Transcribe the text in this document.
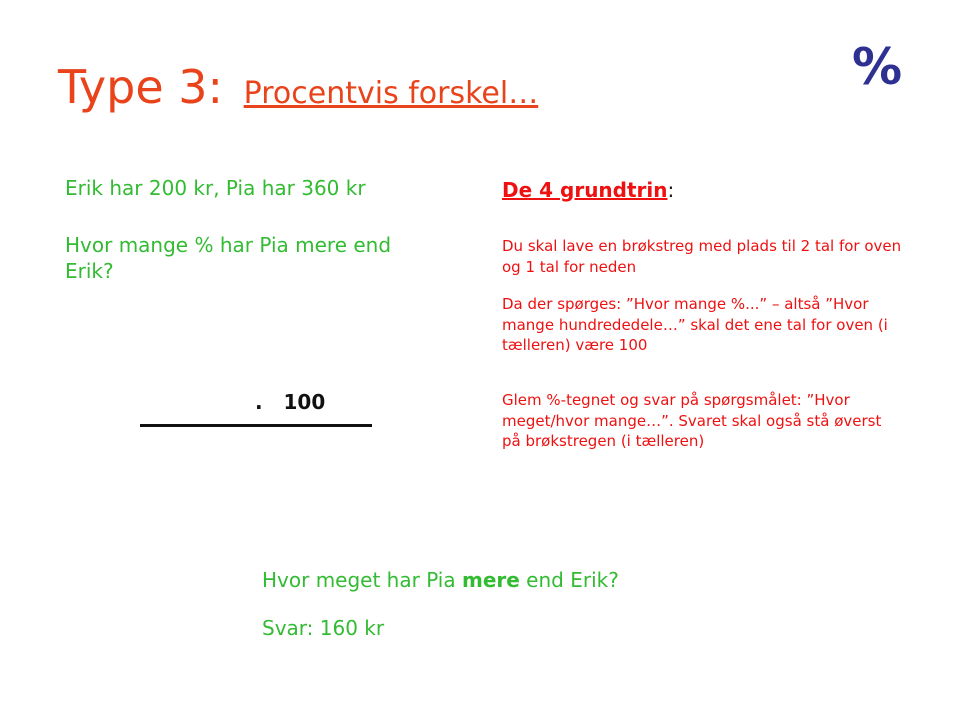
Type 3: Procentvis forskel…	%

Erik har 200 kr, Pia har 360 kr

Hvor mange % har Pia mere end Erik?

.   100

De 4 grundtrin:

Du skal lave en brøkstreg med plads til 2 tal for oven og 1 tal for neden

Da der spørges: ”Hvor mange %...” – altså ”Hvor mange hundrededele…” skal det ene tal for oven (i tælleren) være 100

Glem %-tegnet og svar på spørgsmålet: ”Hvor meget/hvor mange…”. Svaret skal også stå øverst på brøkstregen (i tælleren)

Hvor meget har Pia mere end Erik?

Svar: 160 kr
